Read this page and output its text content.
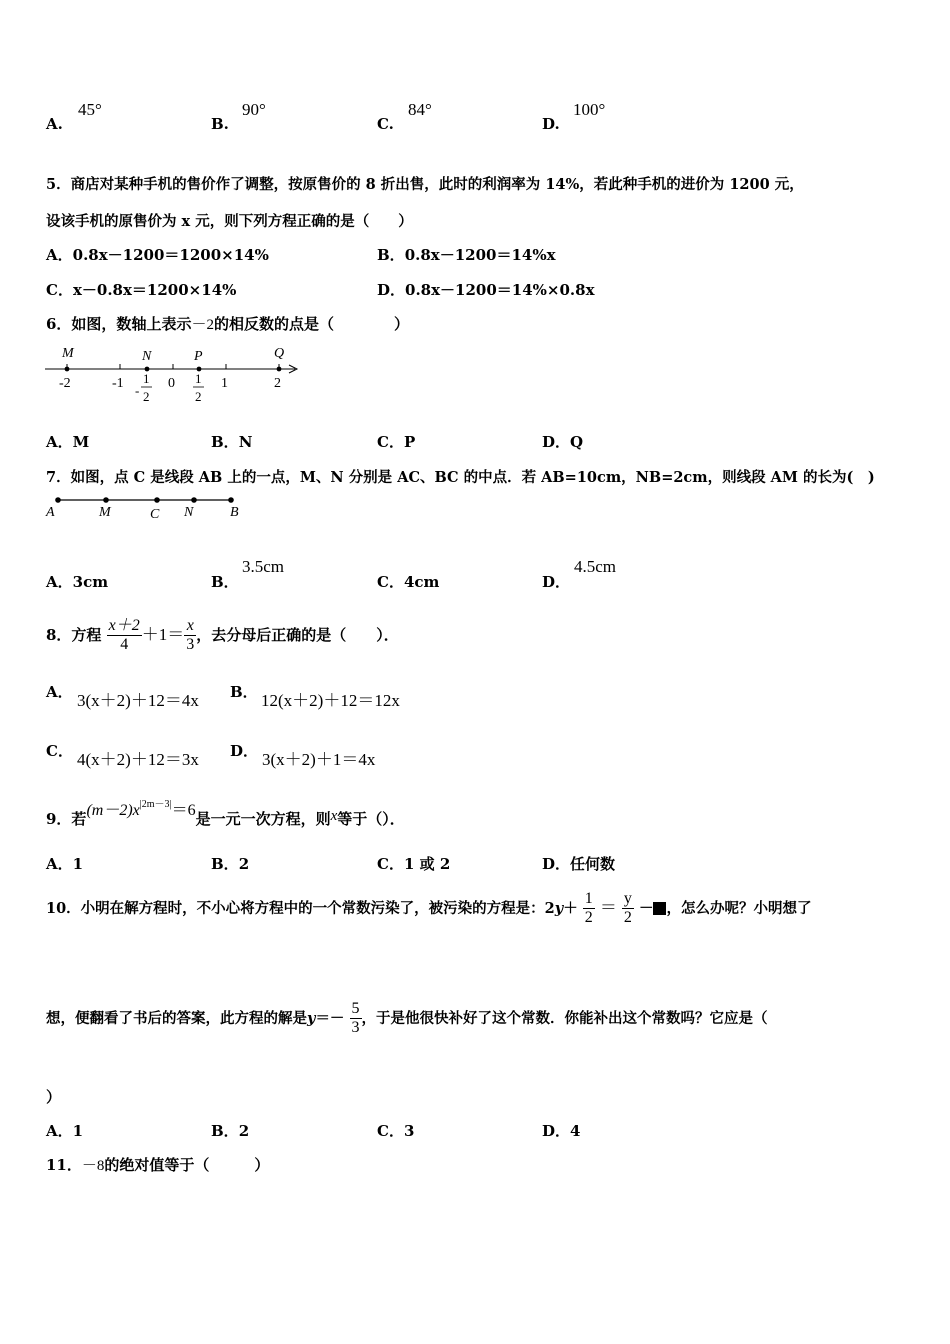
A.
45°
B.
90°
C.
84°
D.
100°
5．商店对某种手机的售价作了调整，按原售价的 8 折出售，此时的利润率为 14%，若此种手机的进价为 1200 元，
设该手机的原售价为 x 元，则下列方程正确的是（　　）
A．0.8x－1200＝1200×14%	B．0.8x－1200＝14%x
C．x－0.8x＝1200×14%	D．0.8x－1200＝14%×0.8x
6．如图，数轴上表示－2的相反数的点是（　　　　）
M	N	P	Q
-2	-1	0	1	2
-
1
2
1
2
A．M	B．N	C．P	D．Q
7．如图，点 C 是线段 AB 上的一点，M、N 分别是 AC、BC 的中点．若 AB=10cm，NB=2cm，则线段 AM 的长为(　)
A	M	C N	B
A．3cm	B．
3.5cm
C．4cm	D．
4.5cm
8．方程 $\frac{x+2}{4} +1= \frac{x}{3}$ ，去分母后正确的是（　　）．
A． 3(x＋2)＋12＝4x B． 12(x＋2)＋12＝12x
C． 4(x＋2)＋12＝3x D． 3(x＋2)＋1＝4x
9．若$(m-2)x^{|2m-3|}=6$是一元一次方程，则x等于（）．
A．1	B．2	C．1 或 2	D．任何数
10．小明在解方程时，不小心将方程中的一个常数污染了，被污染的方程是：$2y+ \frac{1}{2} = \frac{y}{2}$ － ，怎么办呢？小明想了
想，便翻看了书后的答案，此方程的解是$y=- \frac{5}{3}$ ，于是他很快补好了这个常数．你能补出这个常数吗？它应是（
）
A．1	B．2	C．3	D．4
11．－8的绝对值等于（　　　）
